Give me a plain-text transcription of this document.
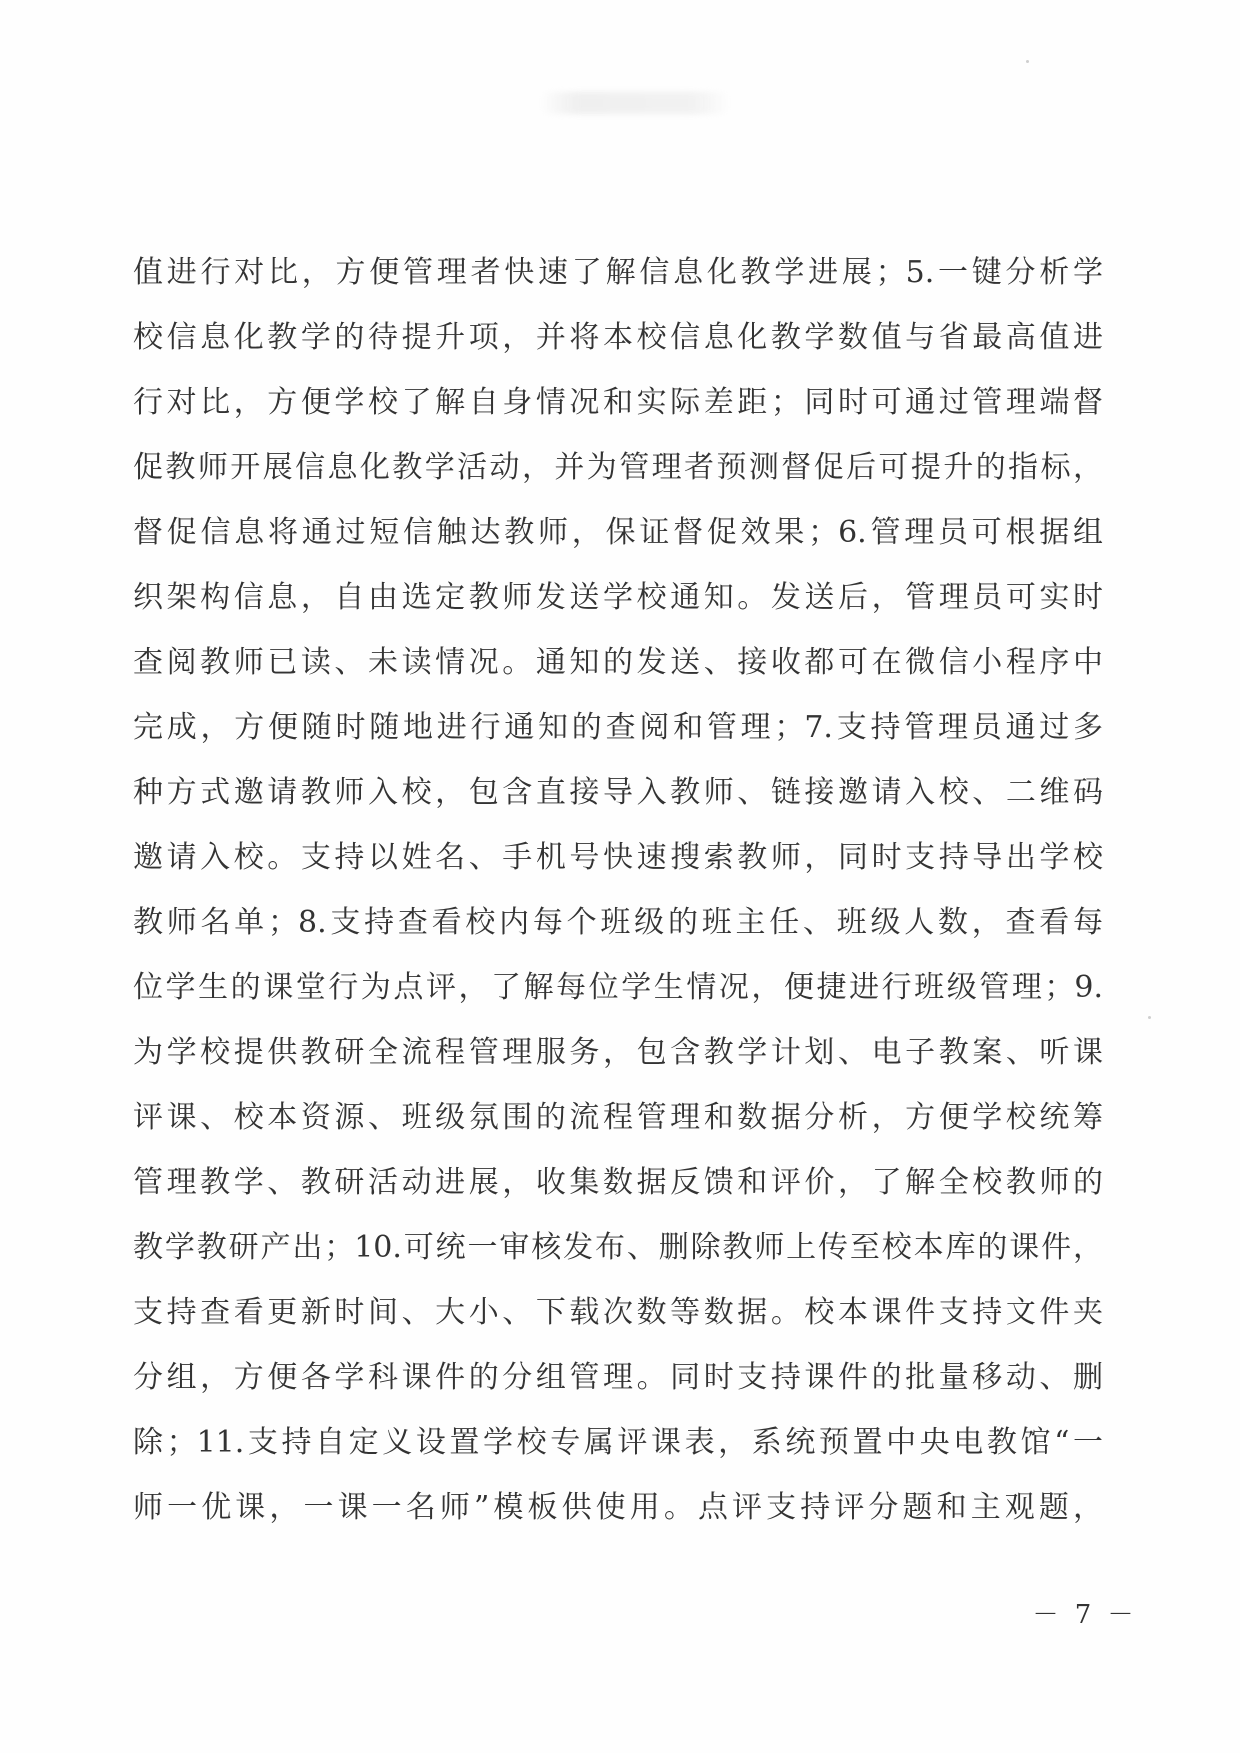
值进行对比，方便管理者快速了解信息化教学进展；5.一键分析学
校信息化教学的待提升项，并将本校信息化教学数值与省最高值进
行对比，方便学校了解自身情况和实际差距；同时可通过管理端督
促教师开展信息化教学活动，并为管理者预测督促后可提升的指标，
督促信息将通过短信触达教师，保证督促效果；6.管理员可根据组
织架构信息，自由选定教师发送学校通知。发送后，管理员可实时
查阅教师已读、未读情况。通知的发送、接收都可在微信小程序中
完成，方便随时随地进行通知的查阅和管理；7.支持管理员通过多
种方式邀请教师入校，包含直接导入教师、链接邀请入校、二维码
邀请入校。支持以姓名、手机号快速搜索教师，同时支持导出学校
教师名单；8.支持查看校内每个班级的班主任、班级人数，查看每
位学生的课堂行为点评，了解每位学生情况，便捷进行班级管理；9.
为学校提供教研全流程管理服务，包含教学计划、电子教案、听课
评课、校本资源、班级氛围的流程管理和数据分析，方便学校统筹
管理教学、教研活动进展，收集数据反馈和评价，了解全校教师的
教学教研产出；10.可统一审核发布、删除教师上传至校本库的课件，
支持查看更新时间、大小、下载次数等数据。校本课件支持文件夹
分组，方便各学科课件的分组管理。同时支持课件的批量移动、删
除；11.支持自定义设置学校专属评课表，系统预置中央电教馆“一
师一优课，一课一名师”模板供使用。点评支持评分题和主观题，
－ 7 －
